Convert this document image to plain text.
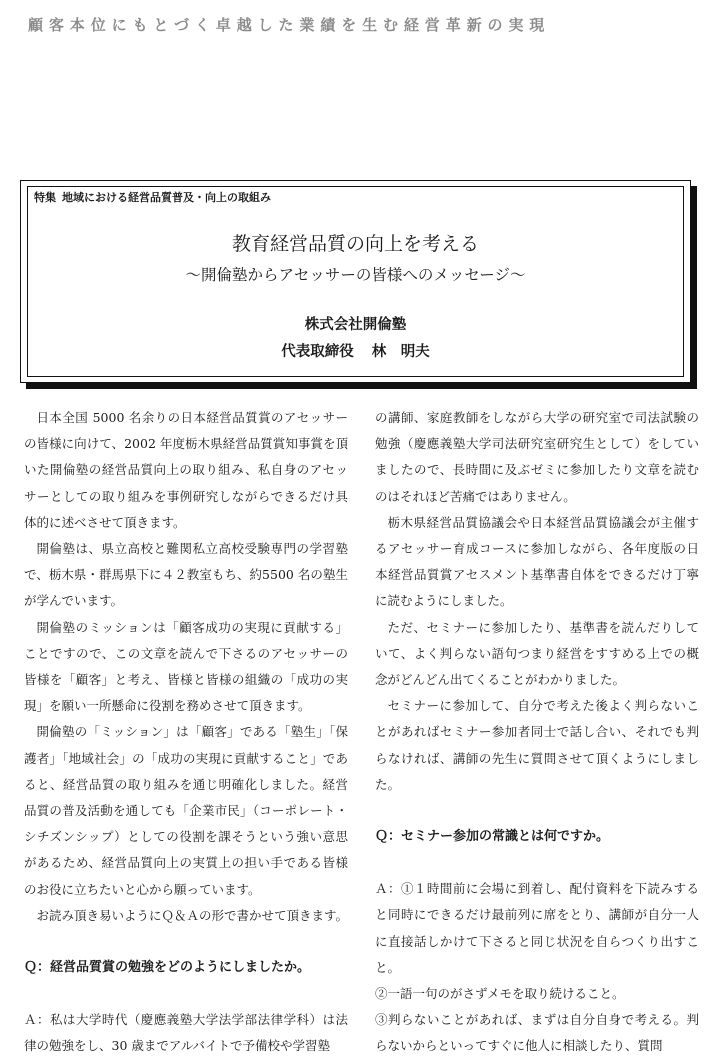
顧客本位にもとづく卓越した業績を生む経営革新の実現
特集 地域における経営品質普及・向上の取組み
教育経営品質の向上を考える
～開倫塾からアセッサーの皆様へのメッセージ～
株式会社開倫塾
代表取締役 林　明夫

日本全国 5000 名余りの日本経営品質賞のアセッサーの皆様に向けて、2002 年度栃木県経営品質賞知事賞を頂いた開倫塾の経営品質向上の取り組み、私自身のアセッサーとしての取り組みを事例研究しながらできるだけ具体的に述べさせて頂きます。

開倫塾は、県立高校と難関私立高校受験専門の学習塾で、栃木県・群馬県下に４２教室もち、約5500 名の塾生が学んでいます。

開倫塾のミッションは「顧客成功の実現に貢献する」ことですので、この文章を読んで下さるのアセッサーの皆様を「顧客」と考え、皆様と皆様の組織の「成功の実現」を願い一所懸命に役割を務めさせて頂きます。

開倫塾の「ミッション」は「顧客」である「塾生」「保護者」「地域社会」の「成功の実現に貢献すること」であると、経営品質の取り組みを通じ明確化しました。経営品質の普及活動を通しても「企業市民」（コーポレート・シチズンシップ）としての役割を課そうという強い意思があるため、経営品質向上の実質上の担い手である皆様のお役に立ちたいと心から願っています。

お読み頂き易いようにＱ＆Ａの形で書かせて頂きます。

Ｑ：経営品質賞の勉強をどのようにしましたか。

Ａ：私は大学時代（慶應義塾大学法学部法律学科）は法律の勉強をし、30 歳までアルバイトで予備校や学習塾

の講師、家庭教師をしながら大学の研究室で司法試験の勉強（慶應義塾大学司法研究室研究生として）をしていましたので、長時間に及ぶゼミに参加したり文章を読むのはそれほど苦痛ではありません。

栃木県経営品質協議会や日本経営品質協議会が主催するアセッサー育成コースに参加しながら、各年度版の日本経営品質賞アセスメント基準書自体をできるだけ丁寧に読むようにしました。

ただ、セミナーに参加したり、基準書を読んだりしていて、よく判らない語句つまり経営をすすめる上での概念がどんどん出てくることがわかりました。

セミナーに参加して、自分で考えた後よく判らないことがあればセミナー参加者同士で話し合い、それでも判らなければ、講師の先生に質問させて頂くようにしました。

Ｑ：セミナー参加の常識とは何ですか。

Ａ：①１時間前に会場に到着し、配付資料を下読みすると同時にできるだけ最前列に席をとり、講師が自分一人に直接話しかけて下さると同じ状況を自らつくり出すこと。

②一語一句のがさずメモを取り続けること。

③判らないことがあれば、まずは自分自身で考える。判らないからといってすぐに他人に相談したり、質問
